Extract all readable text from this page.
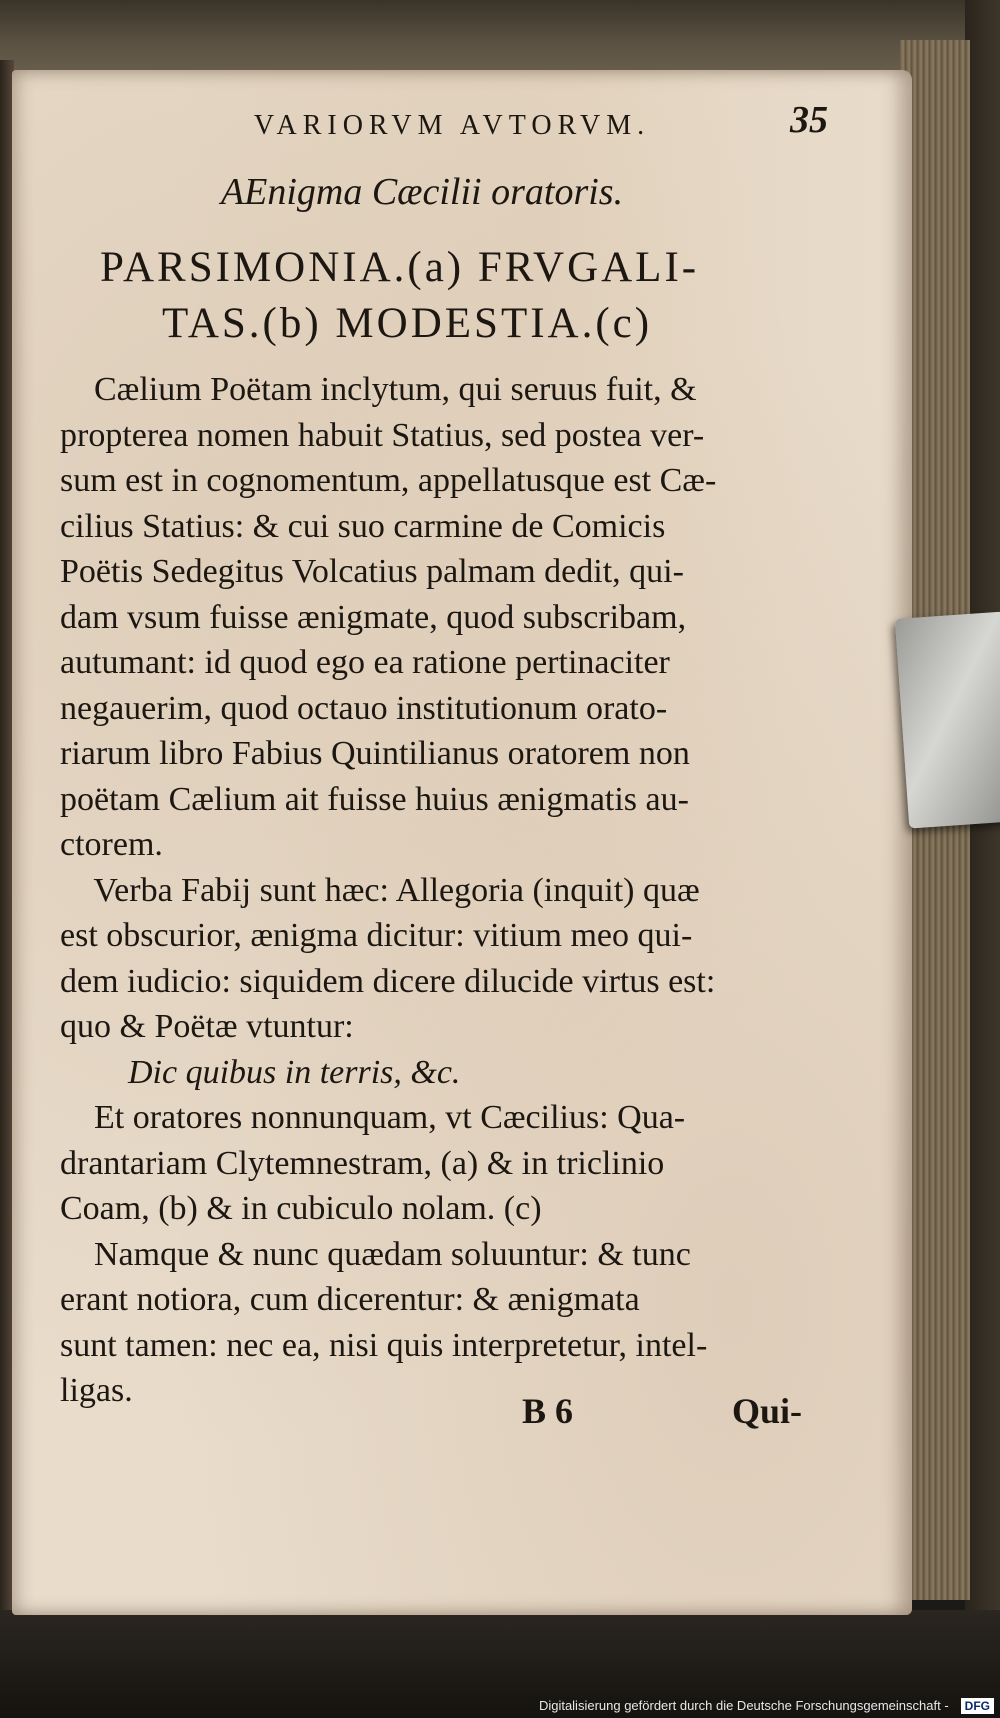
VARIORVM AVTORVM.	35
AEnigma Cæcilii oratoris.
PARSIMONIA.(a) FRVGALI-
TAS.(b) MODESTIA.(c)
Cælium Poëtam inclytum, qui seruus fuit, &
propterea nomen habuit Statius, sed postea ver-
sum est in cognomentum, appellatusque est Cæ-
cilius Statius: & cui suo carmine de Comicis
Poëtis Sedegitus Volcatius palmam dedit, qui-
dam vsum fuisse ænigmate, quod subscribam,
autumant: id quod ego ea ratione pertinaciter
negauerim, quod octauo institutionum orato-
riarum libro Fabius Quintilianus oratorem non
poëtam Cælium ait fuisse huius ænigmatis au-
ctorem.
Verba Fabij sunt hæc: Allegoria (inquit) quæ
est obscurior, ænigma dicitur: vitium meo qui-
dem iudicio: siquidem dicere dilucide virtus est:
quo & Poëtæ vtuntur:
Dic quibus in terris, &c.
Et oratores nonnunquam, vt Cæcilius: Qua-
drantariam Clytemnestram, (a) & in triclinio
Coam, (b) & in cubiculo nolam. (c)
Namque & nunc quædam soluuntur: & tunc
erant notiora, cum dicerentur: & ænigmata
sunt tamen: nec ea, nisi quis interpretetur, intel-
ligas.
B 6	Qui-
Digitalisierung gefördert durch die Deutsche Forschungsgemeinschaft - DFG
